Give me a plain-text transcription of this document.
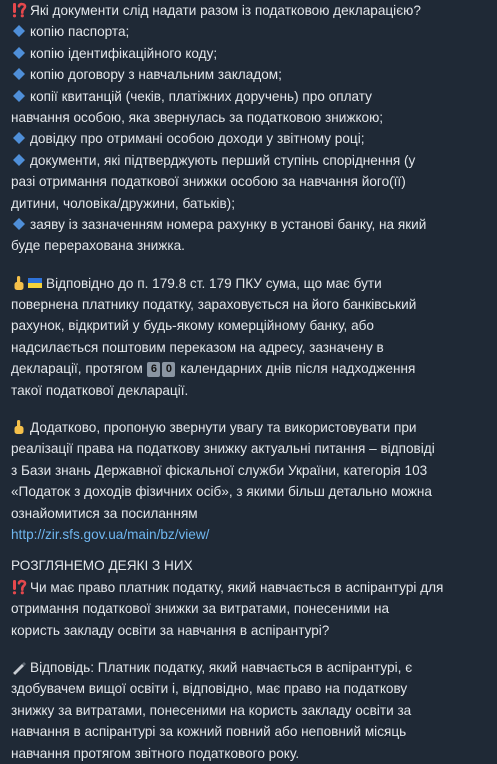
Які документи слід надати разом із податковою декларацією?
копію паспорта;
копію ідентифікаційного коду;
копію договору з навчальним закладом;
копії квитанцій (чеків, платіжних доручень) про оплату
навчання особою, яка звернулась за податковою знижкою;
довідку про отримані особою доходи у звітному році;
документи, які підтверджують перший ступінь споріднення (у
разі отримання податкової знижки особою за навчання його(її)
дитини, чоловіка/дружини, батьків);
заяву із зазначенням номера рахунку в установі банку, на який
буде перерахована знижка.
Відповідно до п. 179.8 ст. 179 ПКУ сума, що має бути
повернена платнику податку, зараховується на його банківський
рахунок, відкритий у будь-якому комерційному банку, або
надсилається поштовим переказом на адресу, зазначену в
декларації, протягом 6 0 календарних днів після надходження
такої податкової декларації.
Додатково, пропоную звернути увагу та використовувати при
реалізації права на податкову знижку актуальні питання – відповіді
з Бази знань Державної фіскальної служби України, категорія 103
«Податок з доходів фізичних осіб», з якими більш детально можна
ознайомитися за посиланням
http://zir.sfs.gov.ua/main/bz/view/
РОЗГЛЯНЕМО ДЕЯКІ З НИХ
Чи має право платник податку, який навчається в аспірантурі для
отримання податкової знижки за витратами, понесеними на
користь закладу освіти за навчання в аспірантурі?
Відповідь: Платник податку, який навчається в аспірантурі, є
здобувачем вищої освіти і, відповідно, має право на податкову
знижку за витратами, понесеними на користь закладу освіти за
навчання в аспірантурі за кожний повний або неповний місяць
навчання протягом звітного податкового року.
